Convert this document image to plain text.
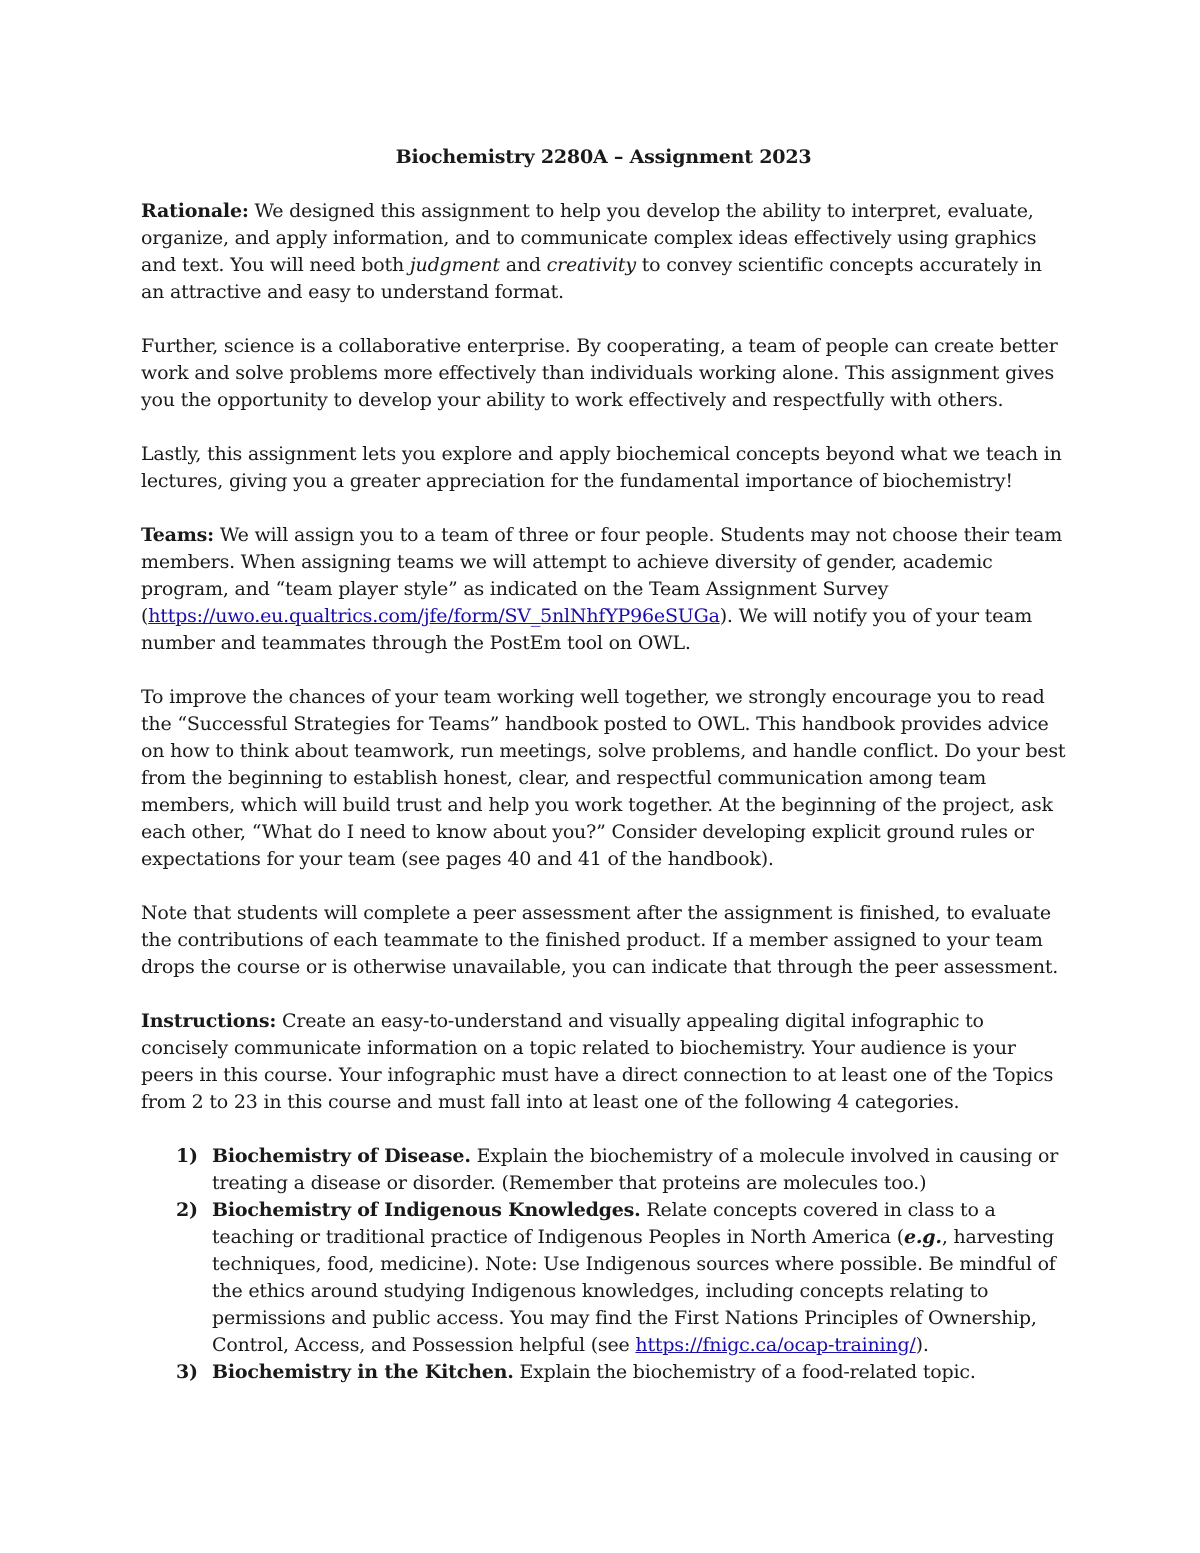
Biochemistry 2280A – Assignment 2023

Rationale: We designed this assignment to help you develop the ability to interpret, evaluate, organize, and apply information, and to communicate complex ideas effectively using graphics and text. You will need both judgment and creativity to convey scientific concepts accurately in an attractive and easy to understand format.

Further, science is a collaborative enterprise. By cooperating, a team of people can create better work and solve problems more effectively than individuals working alone. This assignment gives you the opportunity to develop your ability to work effectively and respectfully with others.

Lastly, this assignment lets you explore and apply biochemical concepts beyond what we teach in lectures, giving you a greater appreciation for the fundamental importance of biochemistry!

Teams: We will assign you to a team of three or four people. Students may not choose their team members. When assigning teams we will attempt to achieve diversity of gender, academic program, and “team player style” as indicated on the Team Assignment Survey (https://uwo.eu.qualtrics.com/jfe/form/SV_5nlNhfYP96eSUGa). We will notify you of your team number and teammates through the PostEm tool on OWL.

To improve the chances of your team working well together, we strongly encourage you to read the “Successful Strategies for Teams” handbook posted to OWL. This handbook provides advice on how to think about teamwork, run meetings, solve problems, and handle conflict. Do your best from the beginning to establish honest, clear, and respectful communication among team members, which will build trust and help you work together. At the beginning of the project, ask each other, “What do I need to know about you?” Consider developing explicit ground rules or expectations for your team (see pages 40 and 41 of the handbook).

Note that students will complete a peer assessment after the assignment is finished, to evaluate the contributions of each teammate to the finished product. If a member assigned to your team drops the course or is otherwise unavailable, you can indicate that through the peer assessment.

Instructions: Create an easy-to-understand and visually appealing digital infographic to concisely communicate information on a topic related to biochemistry. Your audience is your peers in this course. Your infographic must have a direct connection to at least one of the Topics from 2 to 23 in this course and must fall into at least one of the following 4 categories.

1) Biochemistry of Disease. Explain the biochemistry of a molecule involved in causing or treating a disease or disorder. (Remember that proteins are molecules too.)
2) Biochemistry of Indigenous Knowledges. Relate concepts covered in class to a teaching or traditional practice of Indigenous Peoples in North America (e.g., harvesting techniques, food, medicine). Note: Use Indigenous sources where possible. Be mindful of the ethics around studying Indigenous knowledges, including concepts relating to permissions and public access. You may find the First Nations Principles of Ownership, Control, Access, and Possession helpful (see https://fnigc.ca/ocap-training/).
3) Biochemistry in the Kitchen. Explain the biochemistry of a food-related topic.
